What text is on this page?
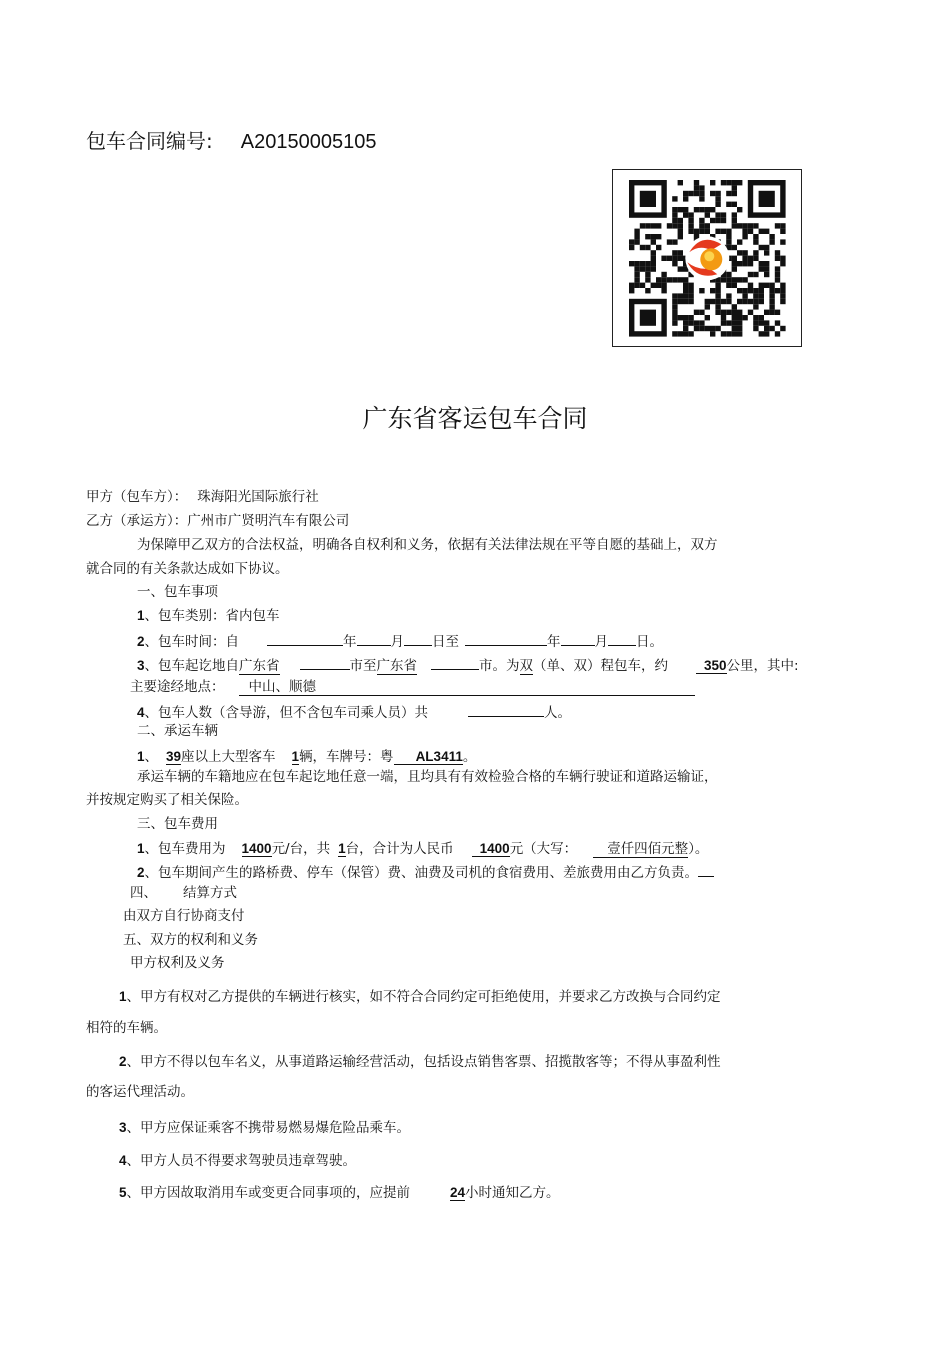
包车合同编号: A20150005105
广东省客运包车合同
甲方（包车方）： 珠海阳光国际旅行社
乙方（承运方）：广州市广贤明汽车有限公司
为保障甲乙双方的合法权益，明确各自权利和义务，依据有关法律法规在平等自愿的基础上，双方
就合同的有关条款达成如下协议。
一、包车事项
1、包车类别：省内包车
2、包车时间：自	年	月 日至	年	月 日。
3、包车起讫地自广东省	市至广东省	市。为双（单、双）程包车，约	350公里，其中:
主要途经地点： 中山、顺德
4、包车人数（含导游，但不含包车司乘人员）共	人。
二、承运车辆
1、 39座以上大型客车 1辆，车牌号：粤 AL3411。
承运车辆的车籍地应在包车起讫地任意一端，且均具有有效检验合格的车辆行驶证和道路运输证，
并按规定购买了相关保险。
三、包车费用
1、包车费用为 1400元/台，共 1台，合计为人民币 1400元（大写： 壹仟四佰元整）。
2、包车期间产生的路桥费、停车（保管）费、油费及司机的食宿费用、差旅费用由乙方负责。
四、 结算方式
由双方自行协商支付
五、双方的权利和义务
甲方权利及义务
1、甲方有权对乙方提供的车辆进行核实，如不符合合同约定可拒绝使用，并要求乙方改换与合同约定
相符的车辆。
2、甲方不得以包车名义，从事道路运输经营活动，包括设点销售客票、招揽散客等；不得从事盈利性
的客运代理活动。
3、甲方应保证乘客不携带易燃易爆危险品乘车。
4、甲方人员不得要求驾驶员违章驾驶。
5、甲方因故取消用车或变更合同事项的，应提前	24小时通知乙方。
